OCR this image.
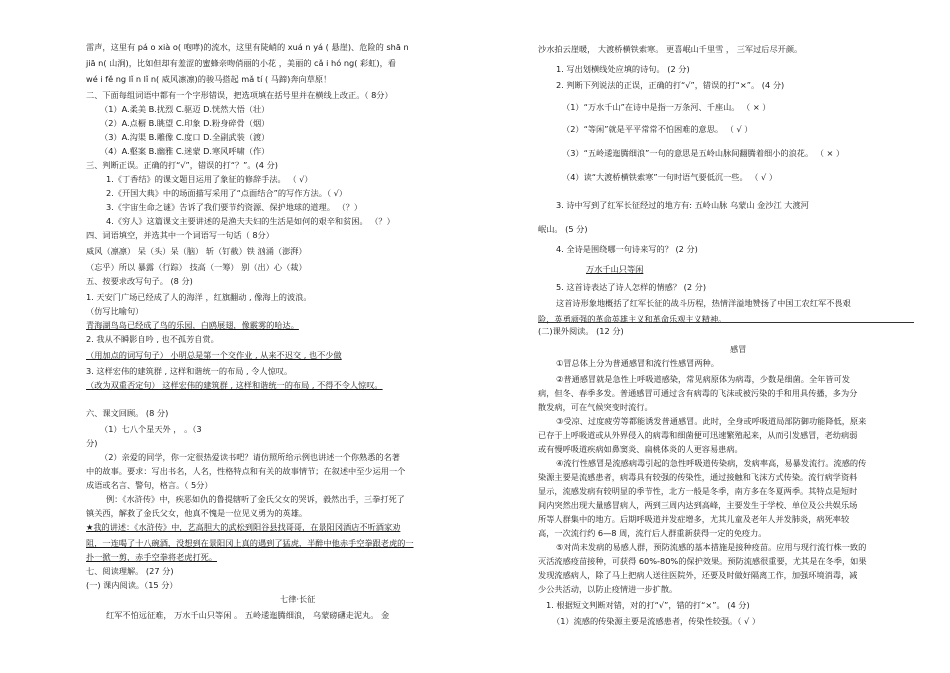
雷声，这里有 pá o xià o( 咆哮)的流水，这里有陡峭的 xuá n yá ( 悬崖)、危险的 shā n
jiā n( 山涧)，比如但却有羞涩的蜜蜂亲吻俏丽的小花 ，美丽的 cǎ i hó ng( 彩虹)，看
wé i fě ng lǐ n lǐ n( 威风凛凛)的骏马搭起 mǎ tí ( 马蹄)奔向草原！
二、下面每组词语中都有一个字形错误，把选项填在括号里并在横线上改正。（ 8分）
（1）A.柔美 B.扰烈 C.驱迈 D.恍然大悟（壮）
（2）A.点橱 B.眺望 C.印象 D.粉身碎骨（烟）
（3）A.沟渠 B.雕像 C.度口 D.全副武装（渡）
（4）A.壑案 B.幽雅 C.迷蒙 D.寒风呼啸（作）
三、判断正误。正确的打“√”，错误的打“？”。(4 分)
1.《丁香结》的课文题目运用了象征的修辞手法。 （ √）
2.《开国大典》中的场面描写采用了“点面结合”的写作方法。（ √）
3.《宇宙生命之谜》告诉了我们要节约资源、保护地球的道理。 （？）
4.《穷人》这篇课文主要讲述的是渔夫夫妇的生活是如何的艰辛和贫困。 （？）
四、词语填空，并选其中一个词语写一句话（ 8分）
威风（凛凛） 呆（头）呆（脑） 斩（钉截）铁 汹涌（澎湃）
（忘乎）所以 暴露（行踪） 技高（一筹） 别（出）心（裁）
五、按要求改写句子。 (8 分)
1. 天安门广场已经成了人的海洋 ，红旗翻动 , 像海上的波浪。
（仿写比喻句）
青海湖鸟岛已经成了鸟的乐园，白鸥展翅，像霰雾的哈达。
2. 我从不瞬影自吟 , 也不孤芳自赏。
（用加点的词写句子） 小明总是第一个交作业 , 从来不迟交 , 也不少做
3. 这样宏伟的建筑群 , 这样和谐统一的布局 , 令人惊叹。
（改为双重否定句） 这样宏伟的建筑群 , 这样和谐统一的布局 , 不得不令人惊叹。
六、课文回顾。 (8 分)
（1）七八个星天外 ， 。（3
分)
（2）亲爱的同学，你一定很热爱读书吧？请仿照所给示例也讲述一个你熟悉的名著
中的故事。要求：写出书名，人名，性格特点和有关的故事情节；在叙述中至少运用一个
成语或名言、警句，格言。（ 5分）
例：《水浒传》中，疾恶如仇的鲁提辖听了金氏父女的哭诉，毅然出手，三拳打死了
镇关西，解救了金氏父女，他真不愧是一位见义勇为的英雄。
★我的讲述：《水浒传》中，艺高胆大的武松到阳谷县找哥哥，在景阳冈酒店不听酒家劝
阻，一连喝了十八碗酒，没想到在景阳冈上真的遇到了猛虎，半醉中他赤手空拳跟老虎的一
扑一掀一剪，赤手空拳将老虎打死。
七、阅读理解。 (27 分)
(一) 课内阅读。（15 分）
七律·长征
红军不怕远征难， 万水千山只等闲 。 五岭逶迤腾细浪， 乌蒙磅礴走泥丸。 金
沙水拍云崖暖， 大渡桥横铁索寒。 更喜岷山千里雪 ， 三军过后尽开颜。
1. 写出划横线处应填的诗句。 (2 分)
2. 判断下列说法的正误，正确的打“√”，错误的打“×”。 (4 分)
（1）“万水千山”在诗中是指一万条河、千座山。 （ × ）
（2）“等闲”就是平平常常不怕困难的意思。 （ √ ）
（3）“五岭逶迤腾细浪”一句的意思是五岭山脉间翻腾着细小的浪花。 （ × ）
（4）读“大渡桥横铁索寒”一句时语气要低沉一些。 （ √ ）
3. 诗中写到了红军长征经过的地方有: 五岭山脉 乌蒙山 金沙江 大渡河
岷山。 (5 分)
4. 全诗是围绕哪一句诗来写的？ (2 分)
万水千山只等闲
5. 这首诗表达了诗人怎样的情感？ (2 分)
这首诗形象地概括了红军长征的战斗历程，热情洋溢地赞扬了中国工农红军不畏艰
险，英勇顽强的革命英雄主义和革命乐观主义精神。
(二)课外阅读。 (12 分)
感冒
①冒总体上分为普通感冒和流行性感冒两种。
②普通感冒就是急性上呼吸道感染，常见病原体为病毒，少数是细菌。全年皆可发
病，但冬、春季多发。普通感冒可通过含有病毒的飞沫或被污染的手和用具传播，多为分
散发病，可在气候突变时流行。
③受凉、过度疲劳等都能诱发普通感冒。此时，全身或呼吸道局部防御功能降低，原来
已存于上呼吸道或从外界侵入的病毒和细菌便可迅速繁殖起来，从而引发感冒，老幼病弱
或有慢呼吸道疾病如鼻窦炎、扁桃体炎的人更容易患病。
④流行性感冒是流感病毒引起的急性呼吸道传染病，发病率高，易暴发流行。流感的传
染源主要是流感患者，病毒具有较强的传染性，通过接触和飞沫方式传染。流行病学资料
显示，流感发病有较明显的季节性，北方一般是冬季，南方多在冬夏两季。其特点是短时
间内突然出现大量感冒病人，两到三周内达到高峰，主要发生于学校、单位及公共娱乐场
所等人群集中的地方。后期呼吸道并发症增多，尤其儿童及老年人并发肺炎，病死率较
高，一次流行约 6—8 周，流行后人群重新获得一定的免疫力。
⑤对尚未发病的易感人群，预防流感的基本措施是接种疫苗。应用与现行流行株一致的
灭活流感疫苗接种，可获得 60%-80%的保护效果。预防流感很重要，尤其是在冬季，如果
发现流感病人，除了马上把病人送往医院外，还要及时做好隔离工作，加强环境消毒，减
少公共活动，以防止疫情进一步扩散。
1. 根据短文判断对错，对的打“√”，错的打“×”。 (4 分)
（1）流感的传染源主要是流感患者，传染性较强。（ √ ）
